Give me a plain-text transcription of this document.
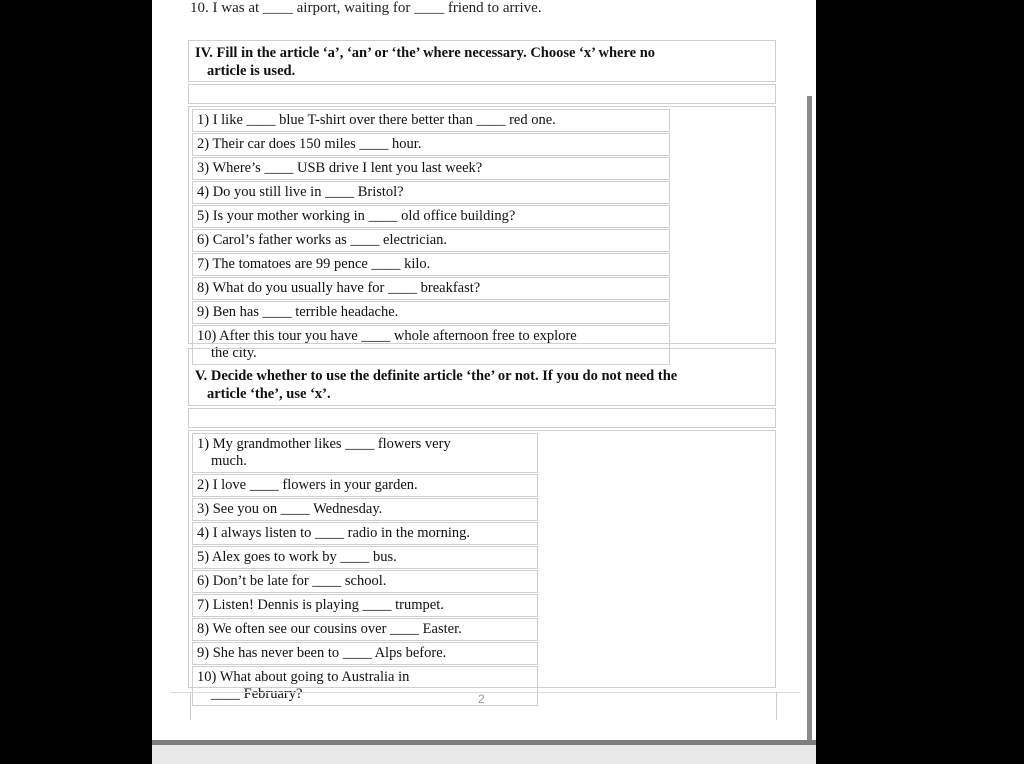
10. I was at ____ airport, waiting for ____ friend to arrive.
IV. Fill in the article ‘a’, ‘an’ or ‘the’ where necessary. Choose ‘x’ where no
article is used.
1) I like ____ blue T-shirt over there better than ____ red one.
2) Their car does 150 miles ____ hour.
3) Where’s ____ USB drive I lent you last week?
4) Do you still live in ____ Bristol?
5) Is your mother working in ____ old office building?
6) Carol’s father works as ____ electrician.
7) The tomatoes are 99 pence ____ kilo.
8) What do you usually have for ____ breakfast?
9) Ben has ____ terrible headache.
10) After this tour you have ____ whole afternoon free to explore
the city.
V. Decide whether to use the definite article ‘the’ or not. If you do not need the
article ‘the’, use ‘x’.
1) My grandmother likes ____ flowers very
much.
2) I love ____ flowers in your garden.
3) See you on ____ Wednesday.
4) I always listen to ____ radio in the morning.
5) Alex goes to work by ____ bus.
6) Don’t be late for ____ school.
7) Listen! Dennis is playing ____ trumpet.
8) We often see our cousins over ____ Easter.
9) She has never been to ____ Alps before.
10) What about going to Australia in
____ February?	2
